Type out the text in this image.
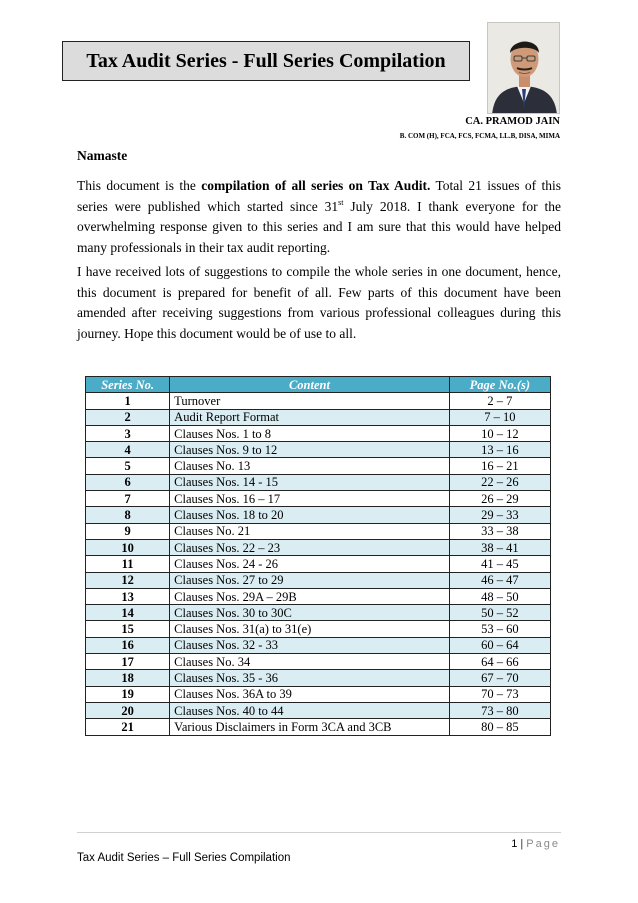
Tax Audit Series - Full Series Compilation
CA. PRAMOD JAIN
B. COM (H), FCA, FCS, FCMA, LL.B, DISA, MIMA
Namaste

This document is the compilation of all series on Tax Audit. Total 21 issues of this series were published which started since 31st July 2018. I thank everyone for the overwhelming response given to this series and I am sure that this would have helped many professionals in their tax audit reporting.

I have received lots of suggestions to compile the whole series in one document, hence, this document is prepared for benefit of all. Few parts of this document have been amended after receiving suggestions from various professional colleagues during this journey. Hope this document would be of use to all.

Series No.	Content	Page No.(s)
1	Turnover	2 – 7
2	Audit Report Format	7 – 10
3	Clauses Nos. 1 to 8	10 – 12
4	Clauses Nos. 9 to 12	13 – 16
5	Clauses No. 13	16 – 21
6	Clauses Nos. 14 - 15	22 – 26
7	Clauses Nos. 16 – 17	26 – 29
8	Clauses Nos. 18 to 20	29 – 33
9	Clauses No. 21	33 – 38
10	Clauses Nos. 22 – 23	38 – 41
11	Clauses Nos. 24 - 26	41 – 45
12	Clauses Nos. 27 to 29	46 – 47
13	Clauses Nos. 29A – 29B	48 – 50
14	Clauses Nos. 30 to 30C	50 – 52
15	Clauses Nos. 31(a) to 31(e)	53 – 60
16	Clauses Nos. 32 - 33	60 – 64
17	Clauses No. 34	64 – 66
18	Clauses Nos. 35 - 36	67 – 70
19	Clauses Nos. 36A to 39	70 – 73
20	Clauses Nos. 40 to 44	73 – 80
21	Various Disclaimers in Form 3CA and 3CB	80 – 85
1 | Page
Tax Audit Series – Full Series Compilation
